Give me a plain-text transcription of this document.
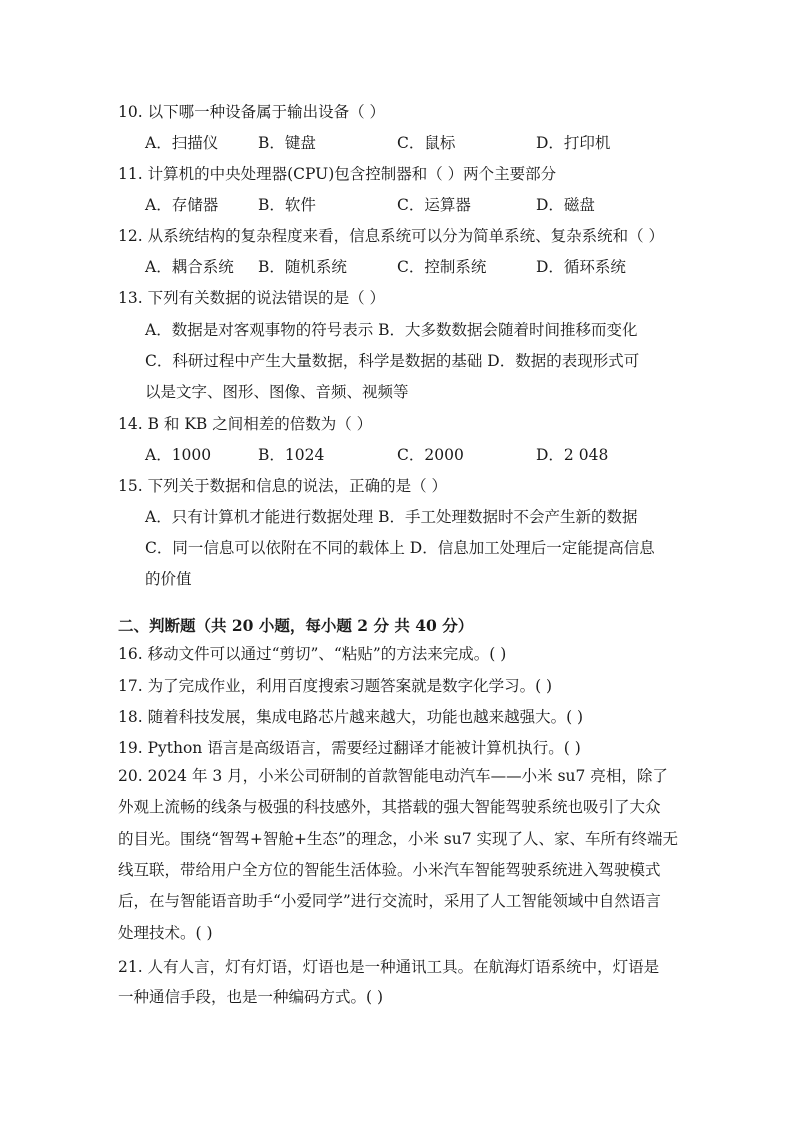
10. 以下哪一种设备属于输出设备（ ）
A．扫描仪	B．键盘	C．鼠标	D．打印机
11. 计算机的中央处理器(CPU)包含控制器和（ ）两个主要部分
A．存储器	B．软件	C．运算器	D．磁盘
12. 从系统结构的复杂程度来看，信息系统可以分为简单系统、复杂系统和（ ）
A．耦合系统 B．随机系统	C．控制系统	D．循环系统
13. 下列有关数据的说法错误的是（ ）
A．数据是对客观事物的符号表示 B．大多数数据会随着时间推移而变化
C．科研过程中产生大量数据，科学是数据的基础 D．数据的表现形式可
以是文字、图形、图像、音频、视频等
14. B 和 KB 之间相差的倍数为（ ）
A．1000	B．1024	C．2000	D．2 048
15. 下列关于数据和信息的说法，正确的是（ ）
A．只有计算机才能进行数据处理 B．手工处理数据时不会产生新的数据
C．同一信息可以依附在不同的载体上 D．信息加工处理后一定能提高信息
的价值
二、判断题（共 20 小题，每小题 2 分 共 40 分）
16. 移动文件可以通过“剪切”、“粘贴”的方法来完成。( )
17. 为了完成作业，利用百度搜索习题答案就是数字化学习。( )
18. 随着科技发展，集成电路芯片越来越大，功能也越来越强大。( )
19. Python 语言是高级语言，需要经过翻译才能被计算机执行。( )
20. 2024 年 3 月，小米公司研制的首款智能电动汽车——小米 su7 亮相，除了
外观上流畅的线条与极强的科技感外，其搭载的强大智能驾驶系统也吸引了大众
的目光。围绕“智驾+智舱+生态”的理念，小米 su7 实现了人、家、车所有终端无
线互联，带给用户全方位的智能生活体验。小米汽车智能驾驶系统进入驾驶模式
后，在与智能语音助手“小爱同学”进行交流时，采用了人工智能领域中自然语言
处理技术。( )
21. 人有人言，灯有灯语，灯语也是一种通讯工具。在航海灯语系统中，灯语是
一种通信手段，也是一种编码方式。( )
